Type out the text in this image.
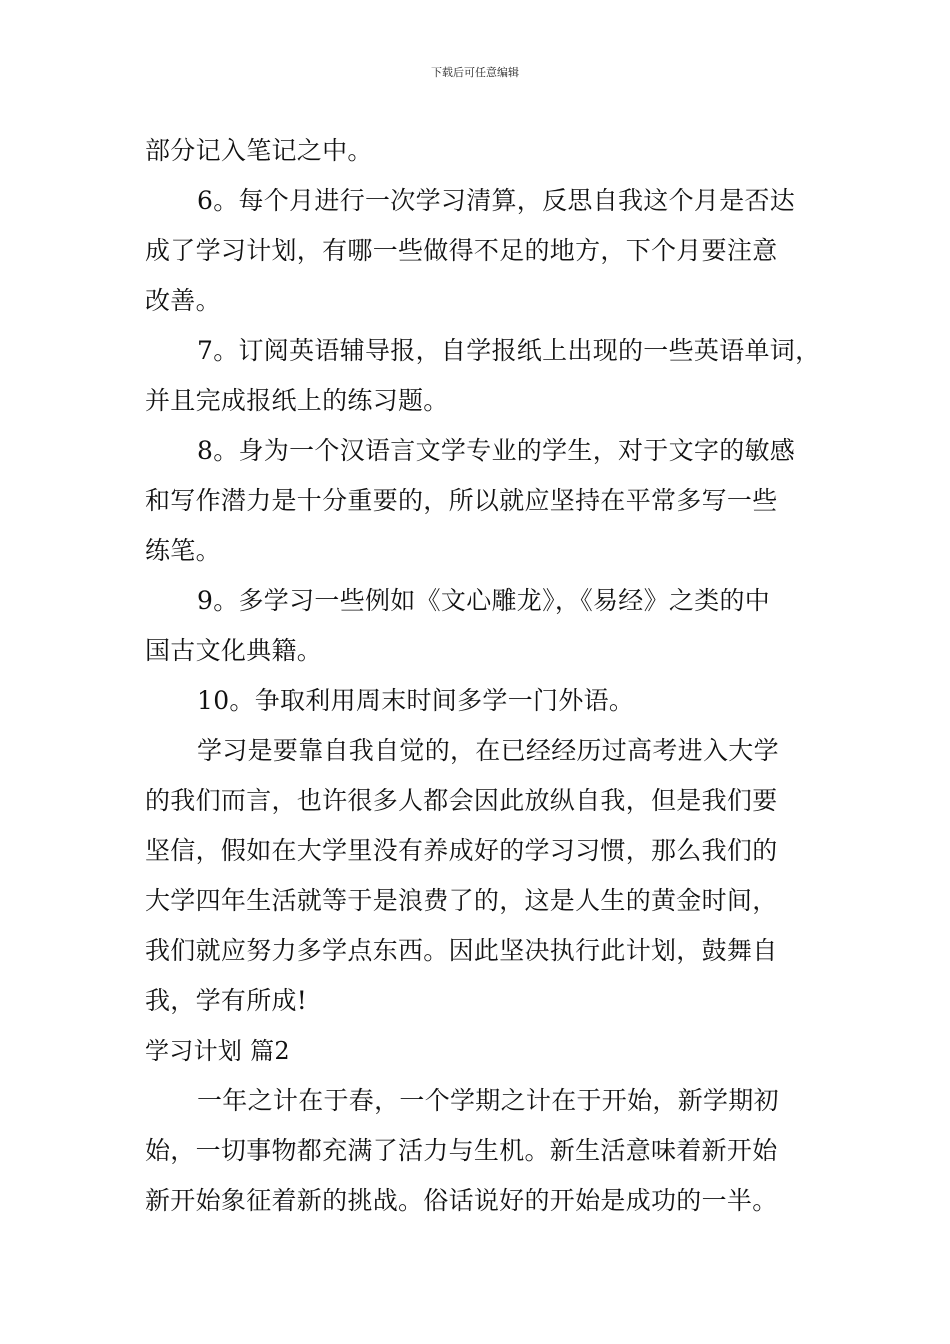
下载后可任意编辑
部分记入笔记之中。
6。每个月进行一次学习清算，反思自我这个月是否达
成了学习计划，有哪一些做得不足的地方，下个月要注意
改善。
7。订阅英语辅导报，自学报纸上出现的一些英语单词，
并且完成报纸上的练习题。
8。身为一个汉语言文学专业的学生，对于文字的敏感
和写作潜力是十分重要的，所以就应坚持在平常多写一些
练笔。
9。多学习一些例如《文心雕龙》，《易经》之类的中
国古文化典籍。
10。争取利用周末时间多学一门外语。
学习是要靠自我自觉的，在已经经历过高考进入大学
的我们而言，也许很多人都会因此放纵自我，但是我们要
坚信，假如在大学里没有养成好的学习习惯，那么我们的
大学四年生活就等于是浪费了的，这是人生的黄金时间，
我们就应努力多学点东西。因此坚决执行此计划，鼓舞自
我，学有所成!
学习计划 篇2
一年之计在于春，一个学期之计在于开始，新学期初
始，一切事物都充满了活力与生机。新生活意味着新开始
新开始象征着新的挑战。俗话说好的开始是成功的一半。
